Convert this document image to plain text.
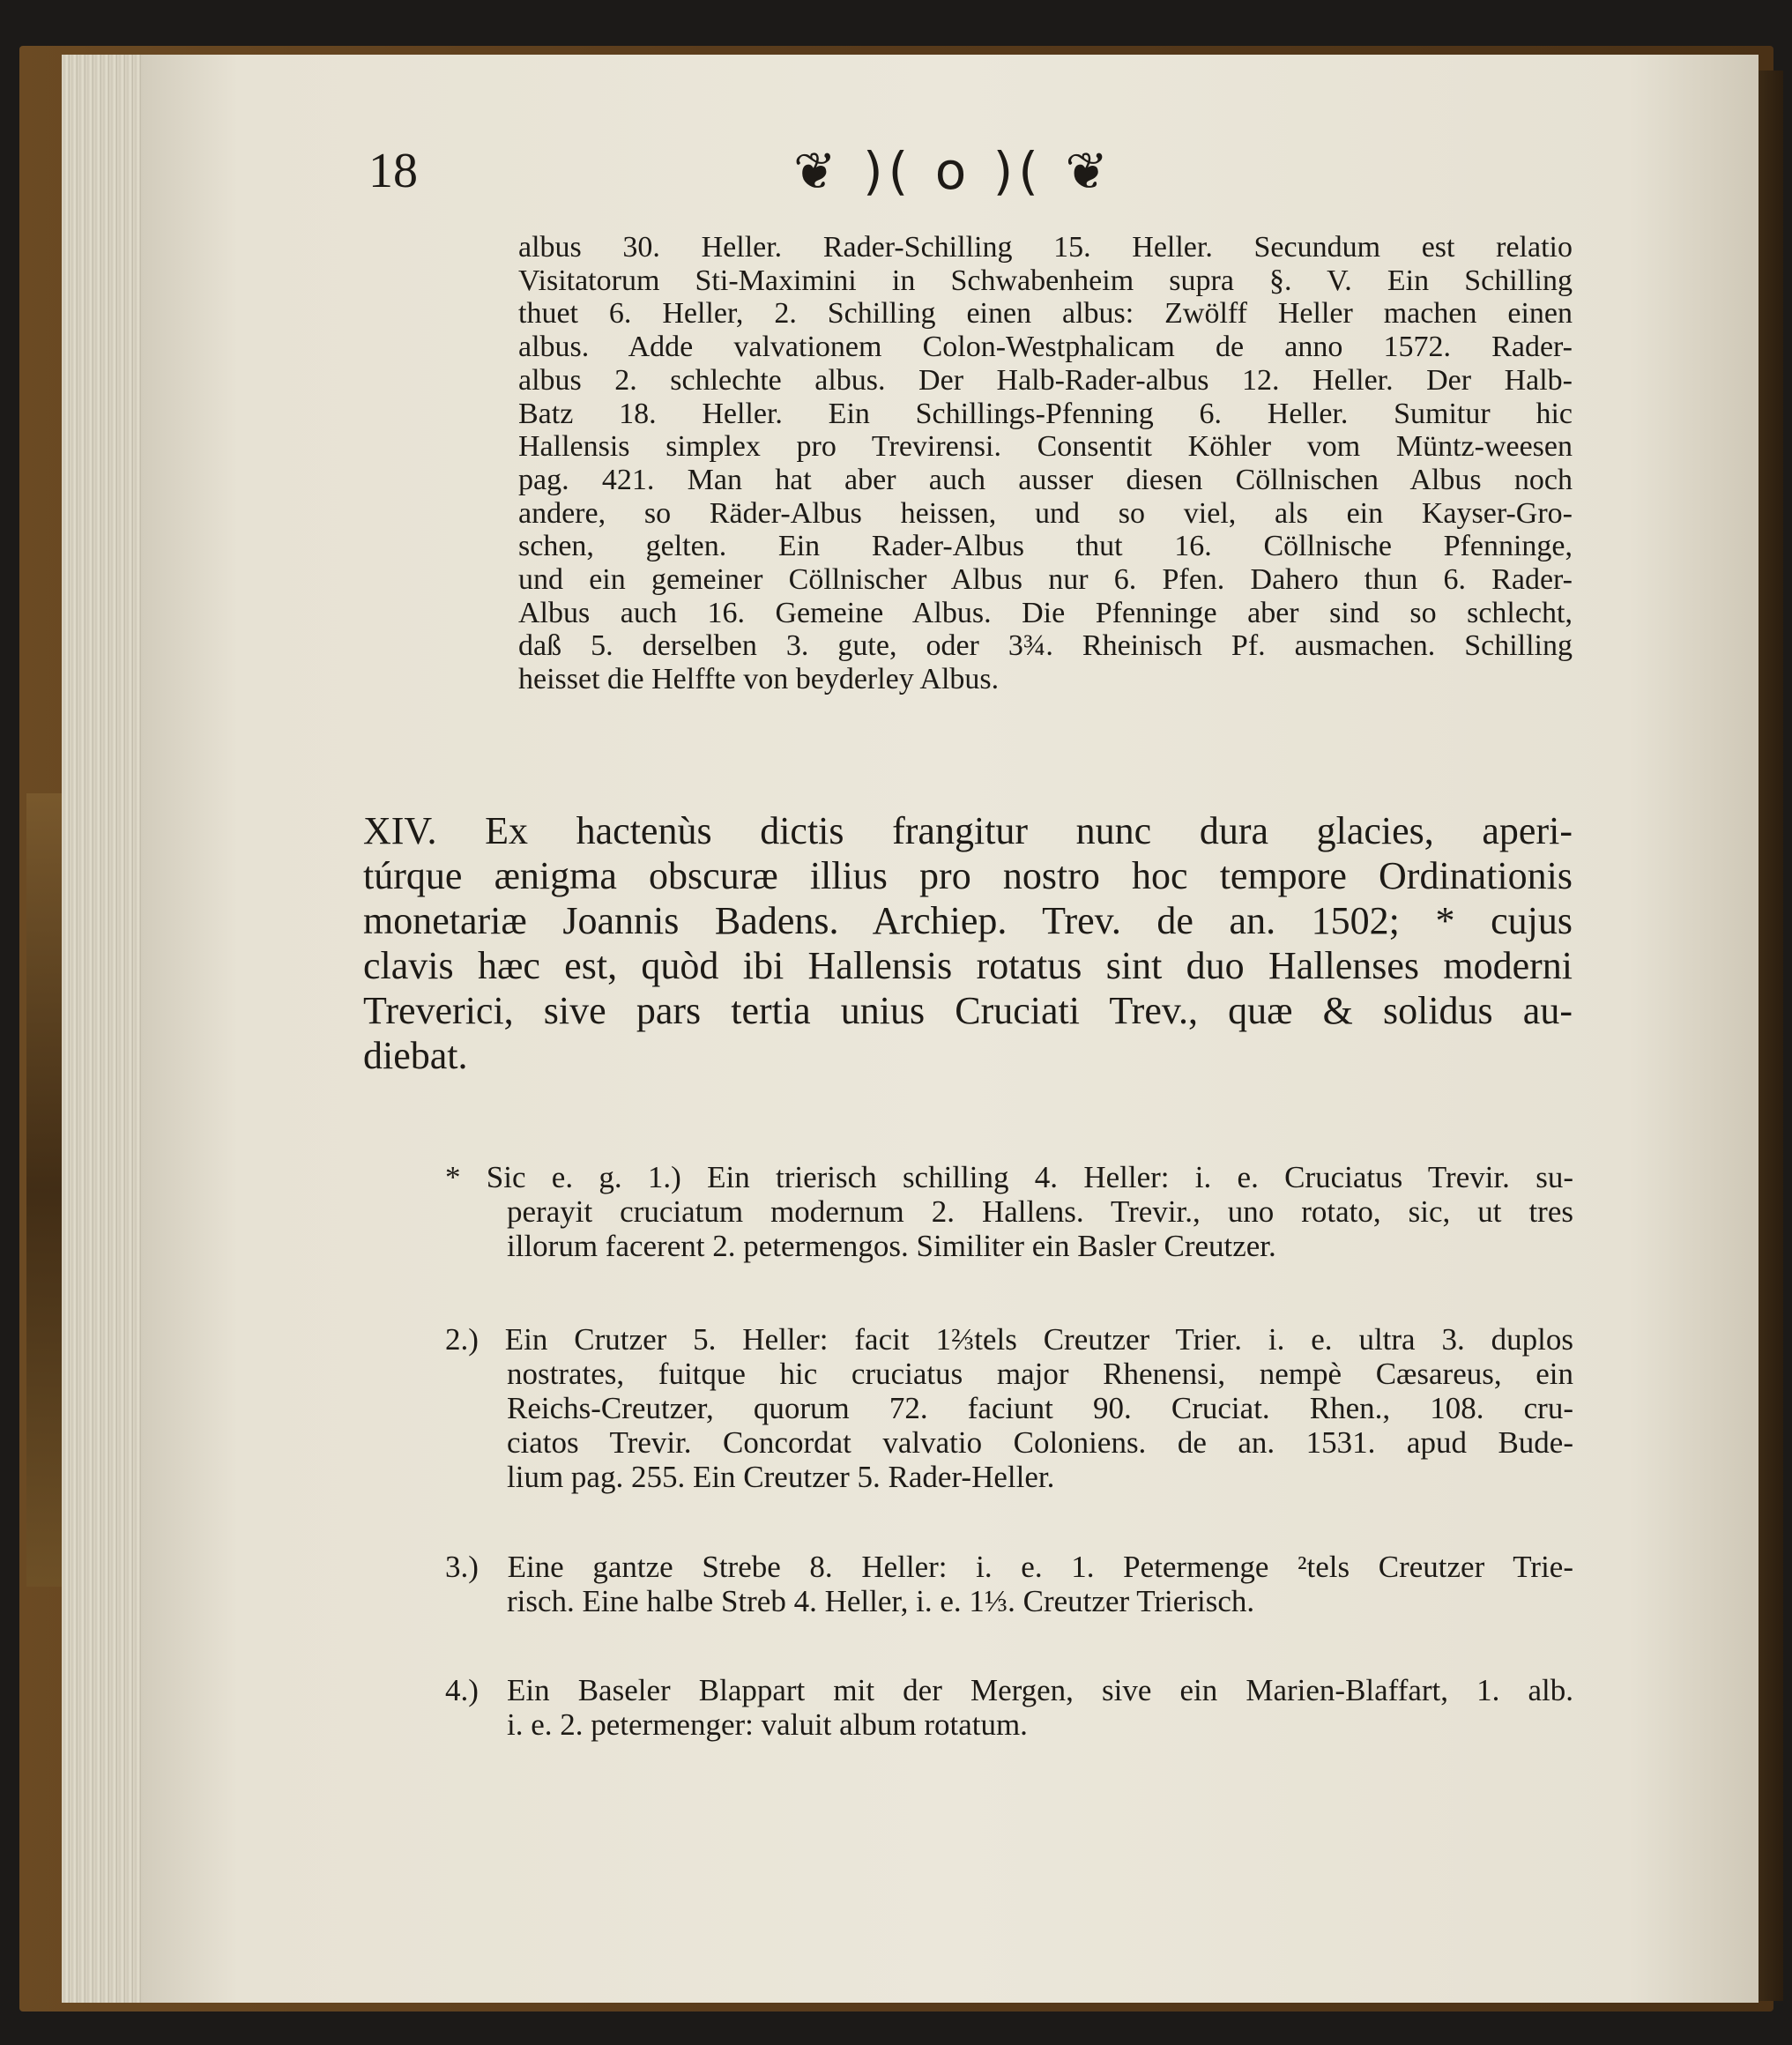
18	❦ )( o )( ❦
albus 30. Heller. Rader-Schilling 15. Heller. Secundum est relatio
Visitatorum Sti-Maximini in Schwabenheim supra §. V. Ein Schilling
thuet 6. Heller, 2. Schilling einen albus: Zwölff Heller machen einen
albus. Adde valvationem Colon-Westphalicam de anno 1572. Rader-
albus 2. schlechte albus. Der Halb-Rader-albus 12. Heller. Der Halb-
Batz 18. Heller. Ein Schillings-Pfenning 6. Heller. Sumitur hic
Hallensis simplex pro Trevirensi. Consentit Köhler vom Müntz-weesen
pag. 421. Man hat aber auch ausser diesen Cöllnischen Albus noch
andere, so Räder-Albus heissen, und so viel, als ein Kayser-Gro-
schen, gelten. Ein Rader-Albus thut 16. Cöllnische Pfenninge,
und ein gemeiner Cöllnischer Albus nur 6. Pfen. Dahero thun 6. Rader-
Albus auch 16. Gemeine Albus. Die Pfenninge aber sind so schlecht,
daß 5. derselben 3. gute, oder 3¾. Rheinisch Pf. ausmachen. Schilling
heisset die Helffte von beyderley Albus.
XIV. Ex hactenùs dictis frangitur nunc dura glacies, aperi-
túrque ænigma obscuræ illius pro nostro hoc tempore Ordinationis
monetariæ Joannis Badens. Archiep. Trev. de an. 1502; * cujus
clavis hæc est, quòd ibi Hallensis rotatus sint duo Hallenses moderni
Treverici, sive pars tertia unius Cruciati Trev., quæ & solidus au-
diebat.
* Sic e. g. 1.) Ein trierisch schilling 4. Heller: i. e. Cruciatus Trevir. su-
perayit cruciatum modernum 2. Hallens. Trevir., uno rotato, sic, ut tres
illorum facerent 2. petermengos. Similiter ein Basler Creutzer.
2.) Ein Crutzer 5. Heller: facit 1⅔tels Creutzer Trier. i. e. ultra 3. duplos
nostrates, fuitque hic cruciatus major Rhenensi, nempè Cæsareus, ein
Reichs-Creutzer, quorum 72. faciunt 90. Cruciat. Rhen., 108. cru-
ciatos Trevir. Concordat valvatio Coloniens. de an. 1531. apud Bude-
lium pag. 255. Ein Creutzer 5. Rader-Heller.
3.) Eine gantze Strebe 8. Heller: i. e. 1. Petermenge ²tels Creutzer Trie-
risch. Eine halbe Streb 4. Heller, i. e. 1⅓. Creutzer Trierisch.
4.) Ein Baseler Blappart mit der Mergen, sive ein Marien-Blaffart, 1. alb.
i. e. 2. petermenger: valuit album rotatum.
